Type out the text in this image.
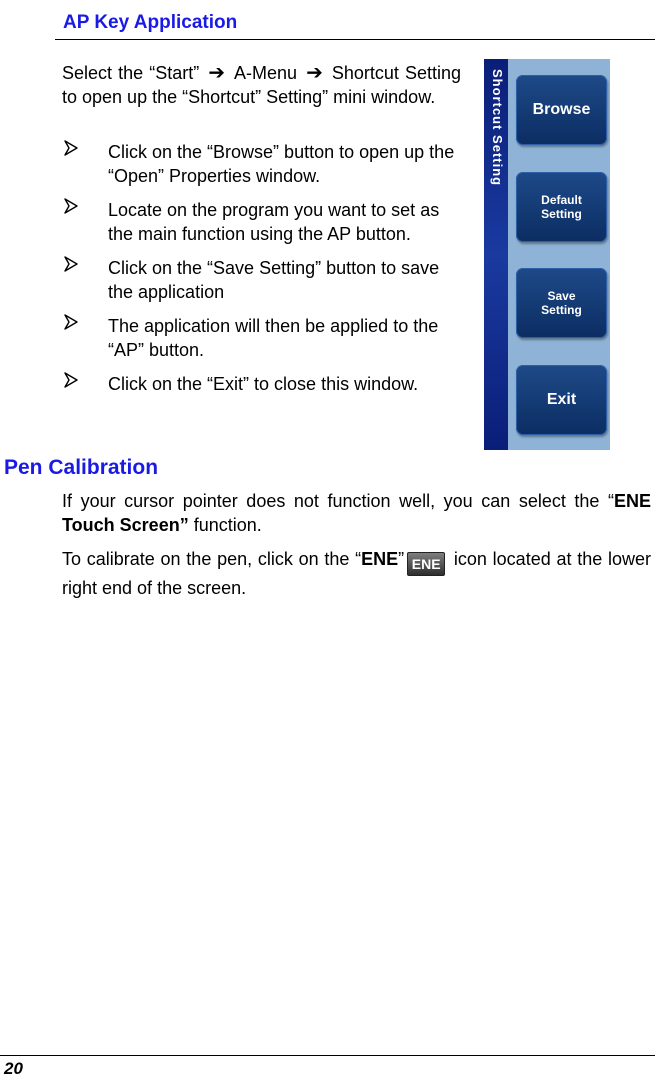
AP Key Application
Select the “Start” ➔ A-Menu ➔ Shortcut Setting to open up the “Shortcut” Setting” mini window.
Click on the “Browse” button to open up the “Open” Properties window.
Locate on the program you want to set as the main function using the AP button.
Click on the “Save Setting” button to save the application
The application will then be applied to the “AP” button.
Click on the “Exit” to close this window.
Shortcut Setting Browse
Default
Setting
Save
Setting
Exit
Pen Calibration
If your cursor pointer does not function well, you can select the “ENE Touch Screen” function.
To calibrate on the pen, click on the “ENE” ENE icon located at the lower right end of the screen.
20
